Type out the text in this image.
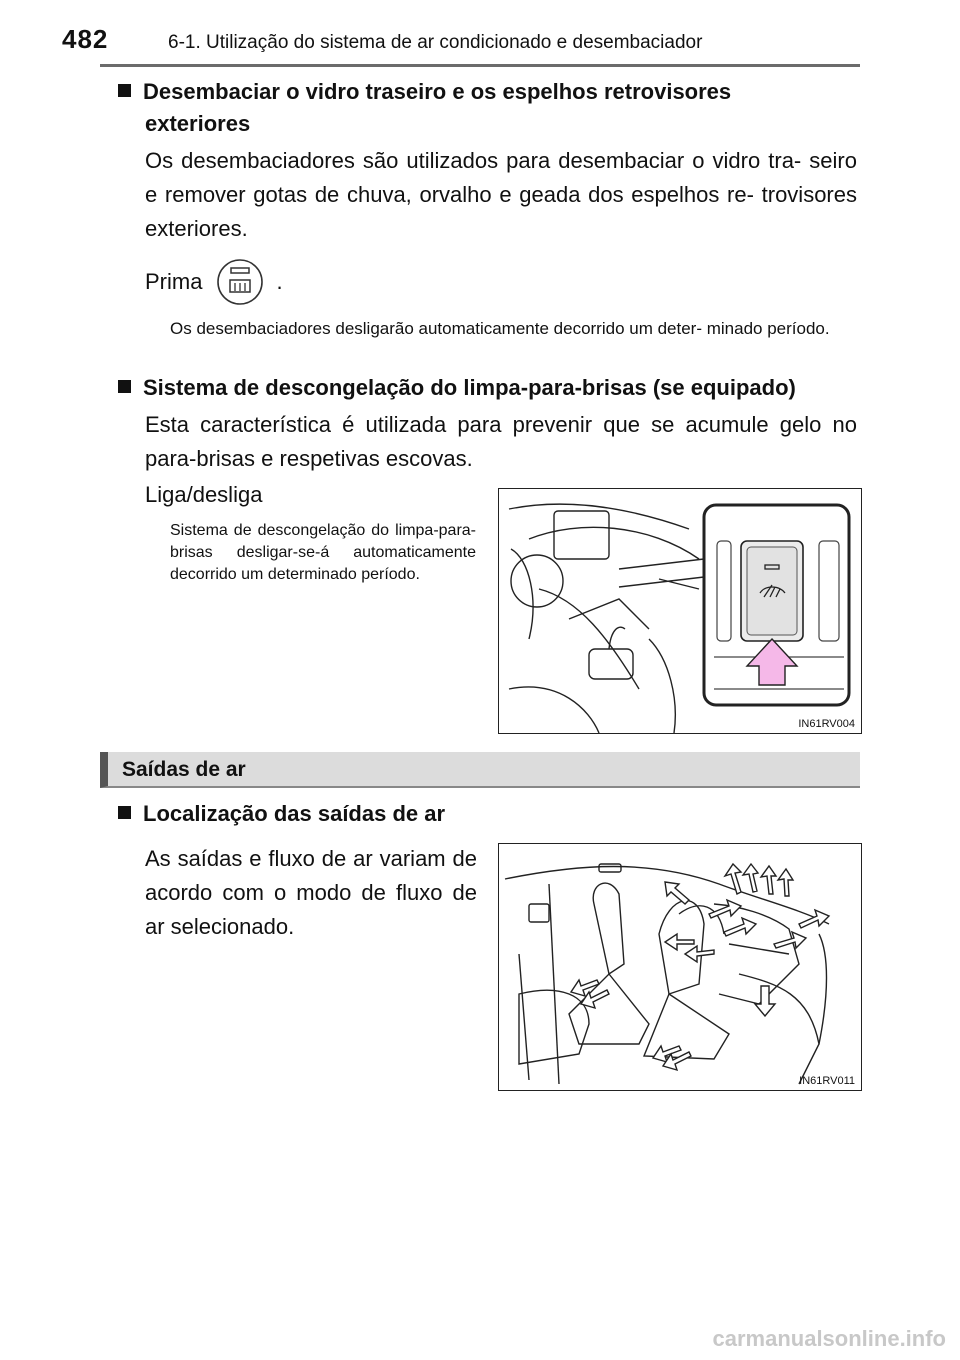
482	6-1. Utilização do sistema de ar condicionado e desembaciador
Desembaciar o vidro traseiro e os espelhos retrovisores
exteriores
Os desembaciadores são utilizados para desembaciar o vidro tra- seiro e remover gotas de chuva, orvalho e geada dos espelhos re- trovisores exteriores.
Prima	.
Os desembaciadores desligarão automaticamente decorrido um deter- minado período.
Sistema de descongelação do limpa-para-brisas (se equipado)
Esta característica é utilizada para prevenir que se acumule gelo no para-brisas e respetivas escovas.
Liga/desliga
Sistema de descongelação do limpa-para-brisas desligar-se-á automaticamente decorrido um determinado período.
IN61RV004
Saídas de ar
Localização das saídas de ar
As saídas e fluxo de ar variam de acordo com o modo de fluxo de ar selecionado.
IN61RV011
carmanualsonline.info
